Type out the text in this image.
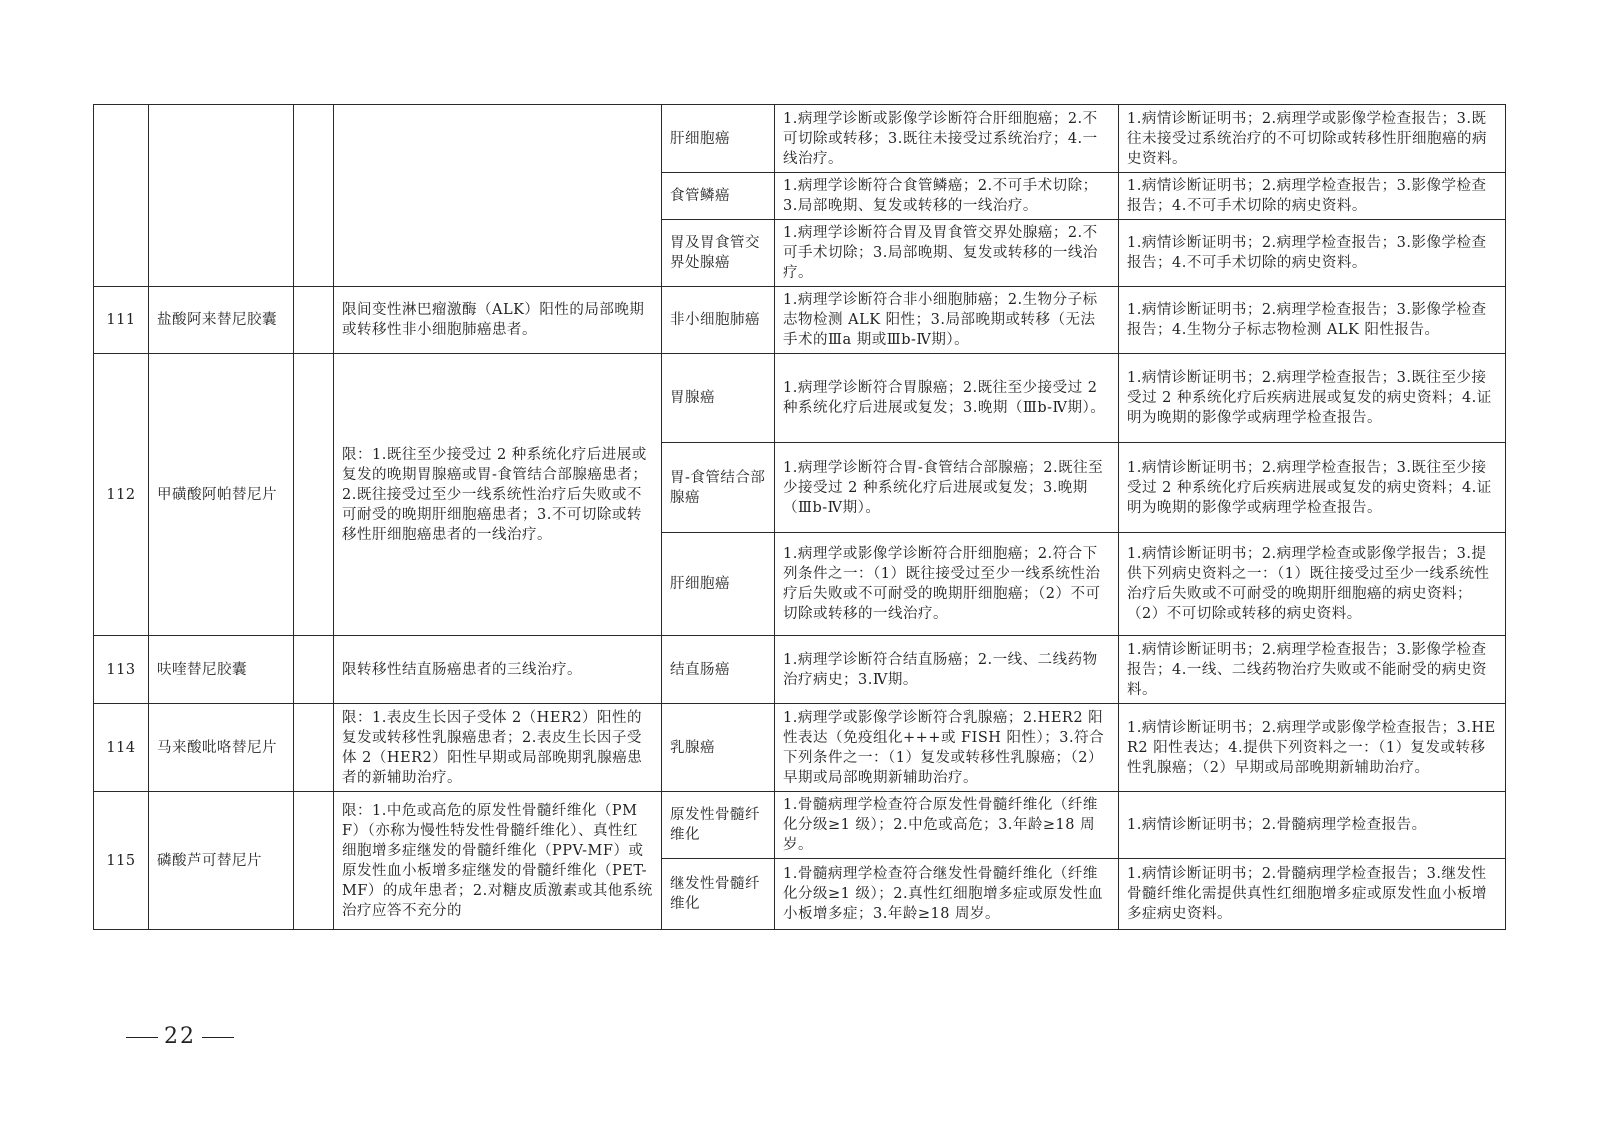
				肝细胞癌	1.病理学诊断或影像学诊断符合肝细胞癌；2.不可切除或转移；3.既往未接受过系统治疗；4.一线治疗。	1.病情诊断证明书；2.病理学或影像学检查报告；3.既往未接受过系统治疗的不可切除或转移性肝细胞癌的病史资料。
				食管鳞癌	1.病理学诊断符合食管鳞癌；2.不可手术切除；3.局部晚期、复发或转移的一线治疗。	1.病情诊断证明书；2.病理学检查报告；3.影像学检查报告；4.不可手术切除的病史资料。
				胃及胃食管交界处腺癌	1.病理学诊断符合胃及胃食管交界处腺癌；2.不可手术切除；3.局部晚期、复发或转移的一线治疗。	1.病情诊断证明书；2.病理学检查报告；3.影像学检查报告；4.不可手术切除的病史资料。
111	盐酸阿来替尼胶囊		限间变性淋巴瘤激酶（ALK）阳性的局部晚期或转移性非小细胞肺癌患者。	非小细胞肺癌	1.病理学诊断符合非小细胞肺癌；2.生物分子标志物检测 ALK 阳性；3.局部晚期或转移（无法手术的Ⅲa 期或Ⅲb-Ⅳ期）。	1.病情诊断证明书；2.病理学检查报告；3.影像学检查报告；4.生物分子标志物检测 ALK 阳性报告。
112	甲磺酸阿帕替尼片		限：1.既往至少接受过 2 种系统化疗后进展或复发的晚期胃腺癌或胃-食管结合部腺癌患者；2.既往接受过至少一线系统性治疗后失败或不可耐受的晚期肝细胞癌患者；3.不可切除或转移性肝细胞癌患者的一线治疗。	胃腺癌	1.病理学诊断符合胃腺癌；2.既往至少接受过 2 种系统化疗后进展或复发；3.晚期（Ⅲb-Ⅳ期）。	1.病情诊断证明书；2.病理学检查报告；3.既往至少接受过 2 种系统化疗后疾病进展或复发的病史资料；4.证明为晚期的影像学或病理学检查报告。
				胃-食管结合部腺癌	1.病理学诊断符合胃-食管结合部腺癌；2.既往至少接受过 2 种系统化疗后进展或复发；3.晚期（Ⅲb-Ⅳ期）。	1.病情诊断证明书；2.病理学检查报告；3.既往至少接受过 2 种系统化疗后疾病进展或复发的病史资料；4.证明为晚期的影像学或病理学检查报告。
				肝细胞癌	1.病理学或影像学诊断符合肝细胞癌；2.符合下列条件之一：（1）既往接受过至少一线系统性治疗后失败或不可耐受的晚期肝细胞癌；（2）不可切除或转移的一线治疗。	1.病情诊断证明书；2.病理学检查或影像学报告；3.提供下列病史资料之一：（1）既往接受过至少一线系统性治疗后失败或不可耐受的晚期肝细胞癌的病史资料；（2）不可切除或转移的病史资料。
113	呋喹替尼胶囊		限转移性结直肠癌患者的三线治疗。	结直肠癌	1.病理学诊断符合结直肠癌；2.一线、二线药物治疗病史；3.Ⅳ期。	1.病情诊断证明书；2.病理学检查报告；3.影像学检查报告；4.一线、二线药物治疗失败或不能耐受的病史资料。
114	马来酸吡咯替尼片		限：1.表皮生长因子受体 2（HER2）阳性的复发或转移性乳腺癌患者；2.表皮生长因子受体 2（HER2）阳性早期或局部晚期乳腺癌患者的新辅助治疗。	乳腺癌	1.病理学或影像学诊断符合乳腺癌；2.HER2 阳性表达（免疫组化+++或 FISH 阳性）；3.符合下列条件之一：（1）复发或转移性乳腺癌；（2）早期或局部晚期新辅助治疗。	1.病情诊断证明书；2.病理学或影像学检查报告；3.HER2 阳性表达；4.提供下列资料之一：（1）复发或转移性乳腺癌；（2）早期或局部晚期新辅助治疗。
115	磷酸芦可替尼片		限：1.中危或高危的原发性骨髓纤维化（PMF）（亦称为慢性特发性骨髓纤维化）、真性红细胞增多症继发的骨髓纤维化（PPV-MF）或原发性血小板增多症继发的骨髓纤维化（PET-MF）的成年患者；2.对糖皮质激素或其他系统治疗应答不充分的	原发性骨髓纤维化	1.骨髓病理学检查符合原发性骨髓纤维化（纤维化分级≥1 级）；2.中危或高危；3.年龄≥18 周岁。	1.病情诊断证明书；2.骨髓病理学检查报告。
				继发性骨髓纤维化	1.骨髓病理学检查符合继发性骨髓纤维化（纤维化分级≥1 级）；2.真性红细胞增多症或原发性血小板增多症；3.年龄≥18 周岁。	1.病情诊断证明书；2.骨髓病理学检查报告；3.继发性骨髓纤维化需提供真性红细胞增多症或原发性血小板增多症病史资料。
22
